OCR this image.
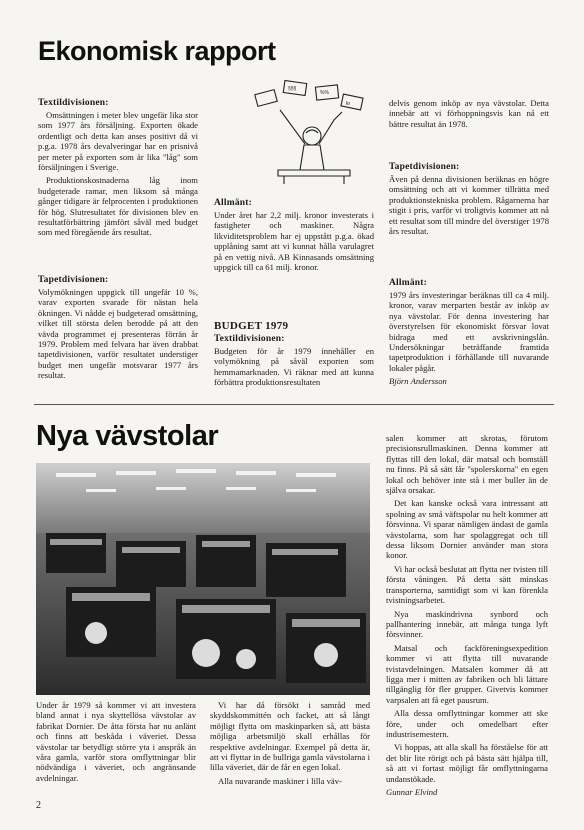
Ekonomisk rapport
Textildivisionen:

Omsättningen i meter blev ungefär lika stor som 1977 års försäljning. Exporten ökade ordentligt och detta kan anses positivt då vi p.g.a. 1978 års devalveringar har en prisnivå per meter på exporten som är lika "låg" som försäljningen i Sverige.

Produktionskostnaderna låg inom budgeterade ramar, men liksom så många gånger tidigare är felprocenten i produktionen för hög. Slutresultatet för divisionen blev en resultatförbättring jämfört såväl med budget som med föregående års resultat.

Tapetdivisionen:

Volymökningen uppgick till ungefär 10 %, varav exporten svarade för nästan hela ökningen. Vi nådde ej budgeterad omsättning, vilket till största delen berodde på att den vävda programmet ej presenteras förrän år 1979. Problem med felvara har även drabbat tapetdivisionen, varför resultatet understiger budget men ungefär motsvarar 1977 års resultat.

§§§
%%
kr
Allmänt:

Under året har 2,2 milj. kronor investerats i fastigheter och maskiner. Några likviditetsproblem har ej uppstått p.g.a. ökad upplåning samt att vi kunnat hålla varulagret på en vettig nivå. AB Kinnasands omsättning uppgick till ca 61 milj. kronor.

BUDGET 1979
Textildivisionen:

Budgeten för år 1979 innehåller en volymökning på såväl exporten som hemmamarknaden. Vi räknar med att kunna förbättra produktionsresultaten

delvis genom inköp av nya vävstolar. Detta innebär att vi förhoppningsvis kan nå ett bättre resultat än 1978.

Tapetdivisionen:

Även på denna divisionen beräknas en högre omsättning och att vi kommer tillrätta med produktionstekniska problem. Rågarnerna har stigit i pris, varför vi troligtvis kommer att nå ett resultat som till mindre del överstiger 1978 års resultat.

Allmänt:

1979 års investeringar beräknas till ca 4 milj. kronor, varav merparten består av inköp av nya vävstolar. För denna investering har överstyrelsen för ekonomiskt försvar lovat bidraga med ett avskrivningslån. Undersökningar beträffande framtida tapetproduktion i förhållande till nuvarande lokaler pågår.

Björn Andersson

Nya vävstolar

Under år 1979 så kommer vi att investera bland annat i nya skyttellösa vävstolar av fabrikat Dornier. De åtta första har nu anlänt och finns att beskåda i väveriet. Dessa vävstolar tar betydligt större yta i anspråk än våra gamla, varför stora omflyttningar blir nödvändiga i väveriet, och angränsande avdelningar.

Vi har då försökt i samråd med skyddskommittén och facket, att så långt möjligt flytta om maskinparken så, att bästa möjliga arbetsmiljö skall erhållas för respektive avdelningar. Exempel på detta är, att vi flyttar in de bullriga gamla vävstolarna i lilla väveriet, där de får en egen lokal.

Alla nuvarande maskiner i lilla väv-

salen kommer att skrotas, förutom precisionsrullmaskinen. Denna kommer att flyttas till den lokal, där matsal och bomställ nu finns. På så sätt får "spolerskorna" en egen lokal och behöver inte stå i mer buller än de själva orsakar.

Det kan kanske också vara intressant att spolning av små väftspolar nu helt kommer att försvinna. Vi sparar nämligen ändast de gamla vävstolarna, som har spolaggregat och till dessa liksom Dornier använder man stora konor.

Vi har också beslutat att flytta ner tvisten till första våningen. På detta sätt minskas transporterna, samtidigt som vi kan förenkla tvistningsarbetet.

Nya maskindrivna synbord och pallhantering innebär, att många tunga lyft försvinner.

Matsal och fackföreningsexpedition kommer vi att flytta till nuvarande tvistavdelningen. Matsalen kommer då att ligga mer i mitten av fabriken och bli lättare tillgänglig för fler grupper. Givetvis kommer varpsalen att få eget pausrum.

Alla dessa omflyttningar kommer att ske före, under och omedelbart efter industrisemestern.

Vi hoppas, att alla skall ha förståelse för att det blir lite rörigt och på bästa sätt hjälpa till, så att vi fortast möjligt får omflyttningarna undanstökade.

Gunnar Elvind

2
